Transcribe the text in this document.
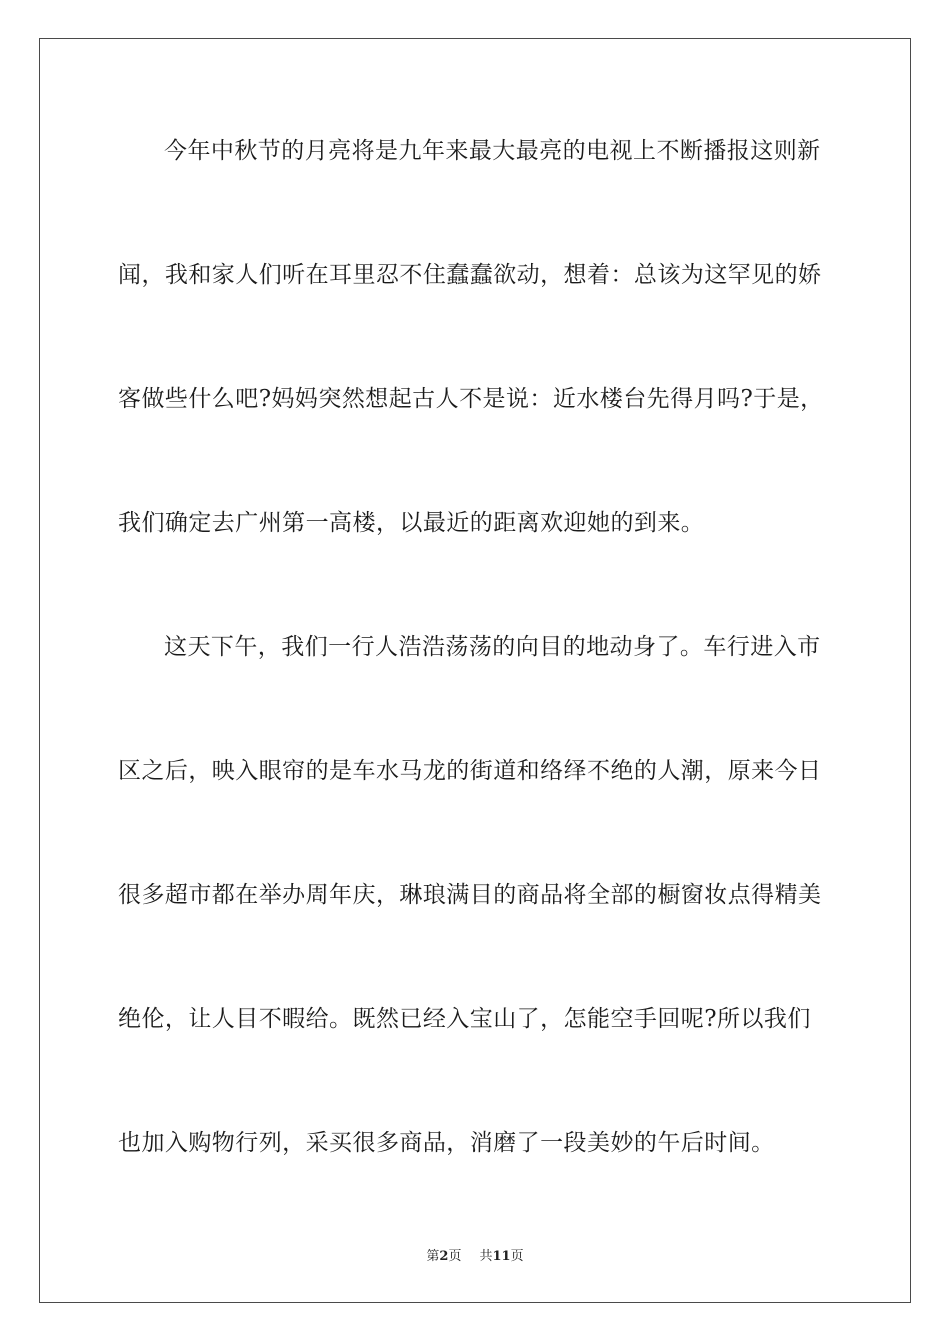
今年中秋节的月亮将是九年来最大最亮的电视上不断播报这则新
闻，我和家人们听在耳里忍不住蠢蠢欲动，想着：总该为这罕见的娇
客做些什么吧?妈妈突然想起古人不是说：近水楼台先得月吗?于是，
我们确定去广州第一高楼，以最近的距离欢迎她的到来。
这天下午，我们一行人浩浩荡荡的向目的地动身了。车行进入市
区之后，映入眼帘的是车水马龙的街道和络绎不绝的人潮，原来今日
很多超市都在举办周年庆，琳琅满目的商品将全部的橱窗妆点得精美
绝伦，让人目不暇给。既然已经入宝山了，怎能空手回呢?所以我们
也加入购物行列，采买很多商品，消磨了一段美妙的午后时间。
第2页 共11页
